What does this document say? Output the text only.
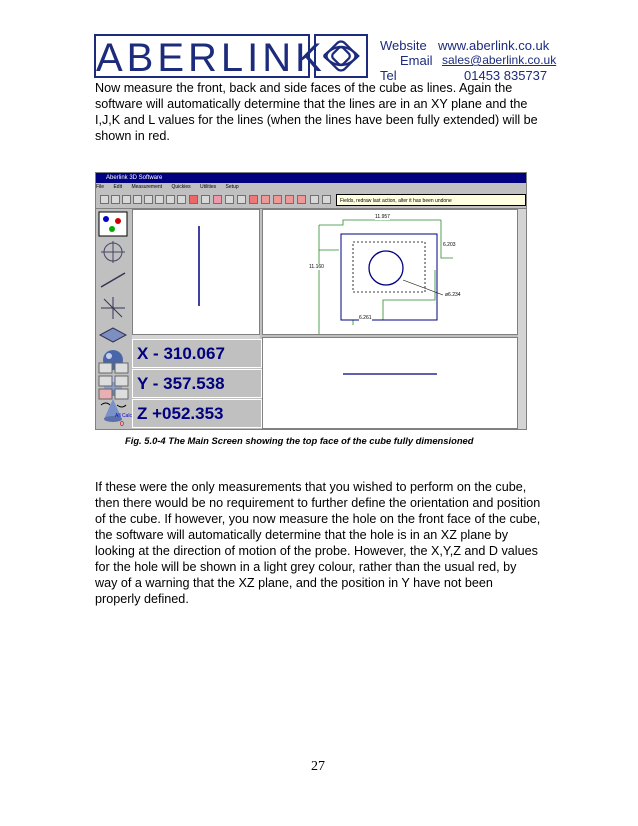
ABERLINK	Website www.aberlink.co.uk
Email sales@aberlink.co.uk
Tel	01453 835737
Now measure the front, back and side faces of the cube as lines. Again the software will automatically determine that the lines are in an XY plane and the I,J,K and L values for the lines (when the lines have been fully extended) will be shown in red.
Aberlink 3D Software
File Edit Measurement Quickies Utilities Setup
Fields, redraw last action, alter it has been undone
All Calc
0
11.957
6.203
11.160
ø6.234
6.261
X - 310.067
Y - 357.538
Z +052.353
Fig. 5.0-4 The Main Screen showing the top face of the cube fully dimensioned
If these were the only measurements that you wished to perform on the cube, then there would be no requirement to further define the orientation and position of the cube. If however, you now measure the hole on the front face of the cube, the software will automatically determine that the hole is in an XZ plane by looking at the direction of motion of the probe. However, the X,Y,Z and D values for the hole will be shown in a light grey colour, rather than the usual red, by way of a warning that the XZ plane, and the position in Y have not been properly defined.
27
